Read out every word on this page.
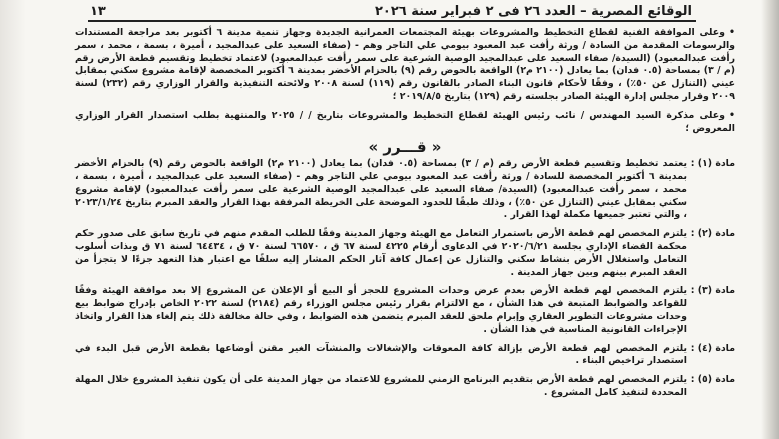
الوقائع المصرية – العدد ٢٦ فى ٢ فبراير سنة ٢٠٢٦
١٣

•وعلى الموافقة الفنية لقطاع التخطيط والمشروعات بهيئة المجتمعات العمرانية الجديدة وجهاز تنمية مدينة ٦ أكتوبر بعد مراجعة المستندات والرسومات المقدمة من السادة / ورثة رأفت عبد المعبود بيومي علي التاجر وهم - (صفاء السعيد على عبدالمجيد ، أميرة ، بسمة ، محمد ، سمر رأفت عبدالمعبود) (السيدة/ صفاء السعيد على عبدالمجيد الوصية الشرعية على سمر رأفت عبدالمعبود) لاعتماد تخطيط وتقسيم قطعة الأرض رقم (م / ٣) بمساحة (٠.٥ فدان) بما يعادل (٢١٠٠ م٢) الواقعة بالحوض رقم (٩) بالحزام الأخضر بمدينة ٦ أكتوبر المخصصة لإقامة مشروع سكني بمقابل عيني (التنازل عن ٥٠٪) ، وفقًا لأحكام قانون البناء الصادر بالقانون رقم (١١٩) لسنة ٢٠٠٨ ولائحته التنفيذية والقرار الوزاري رقم (٢٣٢) لسنة ٢٠٠٩ وقرار مجلس إدارة الهيئة الصادر بجلسته رقم (١٢٩) بتاريخ ٢٠١٩/٨/٥ ؛

•وعلى مذكرة السيد المهندس / نائب رئيس الهيئة لقطاع التخطيط والمشروعات بتاريخ / / ٢٠٢٥ والمنتهية بطلب استصدار القرار الوزاري المعروض ؛

« قـــرر »
مادة (١) :
يعتمد تخطيط وتقسيم قطعة الأرض رقم (م / ٣) بمساحة (٠.٥ فدان) بما يعادل (٢١٠٠ م٢) الواقعة بالحوض رقم (٩) بالحزام الأخضر بمدينة ٦ أكتوبر المخصصة للسادة / ورثة رأفت عبد المعبود بيومي علي التاجر وهم - (صفاء السعيد على عبدالمجيد ، أميرة ، بسمة ، محمد ، سمر رأفت عبدالمعبود) (السيدة/ صفاء السعيد على عبدالمجيد الوصية الشرعية على سمر رأفت عبدالمعبود) لإقامة مشروع سكني بمقابل عيني (التنازل عن ٥٠٪) ، وذلك طبقًا للحدود الموضحة على الخريطة المرفقة بهذا القرار والعقد المبرم بتاريخ ٢٠٢٣/١/٢٤ ، والتي تعتبر جميعها مكملة لهذا القرار .
مادة (٢) :
يلتزم المخصص لهم قطعة الأرض باستمرار التعامل مع الهيئة وجهاز المدينة وفقًا للطلب المقدم منهم في تاريخ سابق على صدور حكم محكمة القضاء الإداري بجلسة ٢٠٢٠/٦/٢١ في الدعاوى أرقام ٤٢٢٥ لسنة ٦٧ ق ، ٦٦٥٧٠ لسنة ٧٠ ق ، ٦٤٤٣٤ لسنة ٧١ ق وبذات أسلوب التعامل واستغلال الأرض بنشاط سكني والتنازل عن إعمال كافة آثار الحكم المشار إليه سلفًا مع اعتبار هذا التعهد جزءًا لا يتجزأ من العقد المبرم بينهم وبين جهاز المدينة .
مادة (٣) :
يلتزم المخصص لهم قطعة الأرض بعدم عرض وحدات المشروع للحجز أو البيع أو الإعلان عن المشروع إلا بعد موافقة الهيئة وفقًا للقواعد والضوابط المتبعة في هذا الشأن ، مع الالتزام بقرار رئيس مجلس الوزراء رقم (٢١٨٤) لسنة ٢٠٢٢ الخاص بإدراج ضوابط بيع وحدات مشروعات التطوير العقاري وإبرام ملحق للعقد المبرم يتضمن هذه الضوابط ، وفي حالة مخالفة ذلك يتم إلغاء هذا القرار واتخاذ الإجراءات القانونية المناسبة في هذا الشأن .
مادة (٤) :
يلتزم المخصص لهم قطعة الأرض بإزالة كافة المعوقات والإشغالات والمنشآت الغير مقنن أوضاعها بقطعة الأرض قبل البدء في استصدار تراخيص البناء .
مادة (٥) :
يلتزم المخصص لهم قطعة الأرض بتقديم البرنامج الزمني للمشروع للاعتماد من جهاز المدينة على أن يكون تنفيذ المشروع خلال المهلة المحددة لتنفيذ كامل المشروع .
